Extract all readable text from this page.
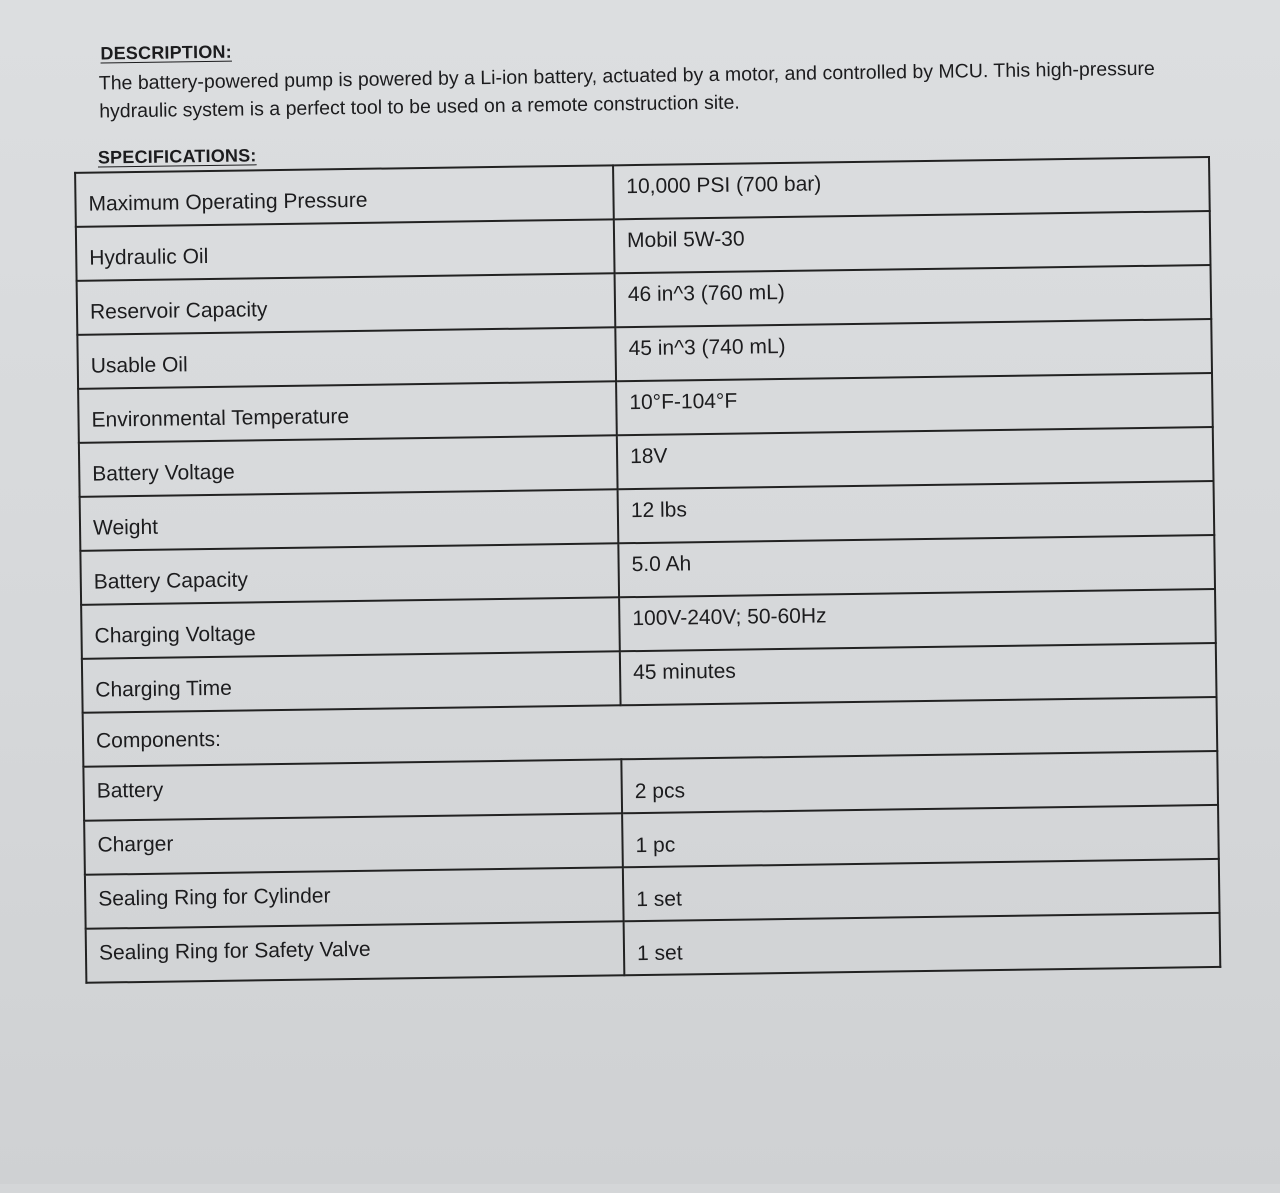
DESCRIPTION:

The battery-powered pump is powered by a Li-ion battery, actuated by a motor, and controlled by MCU. This high-pressure hydraulic system is a perfect tool to be used on a remote construction site.

SPECIFICATIONS:
Maximum Operating Pressure	10,000 PSI (700 bar)
Hydraulic Oil	Mobil 5W-30
Reservoir Capacity	46 in^3 (760 mL)
Usable Oil	45 in^3 (740 mL)
Environmental Temperature	10°F-104°F
Battery Voltage	18V
Weight	12 lbs
Battery Capacity	5.0 Ah
Charging Voltage	100V-240V; 50-60Hz
Charging Time	45 minutes
Components:	
Battery	2 pcs
Charger	1 pc
Sealing Ring for Cylinder	1 set
Sealing Ring for Safety Valve	1 set
